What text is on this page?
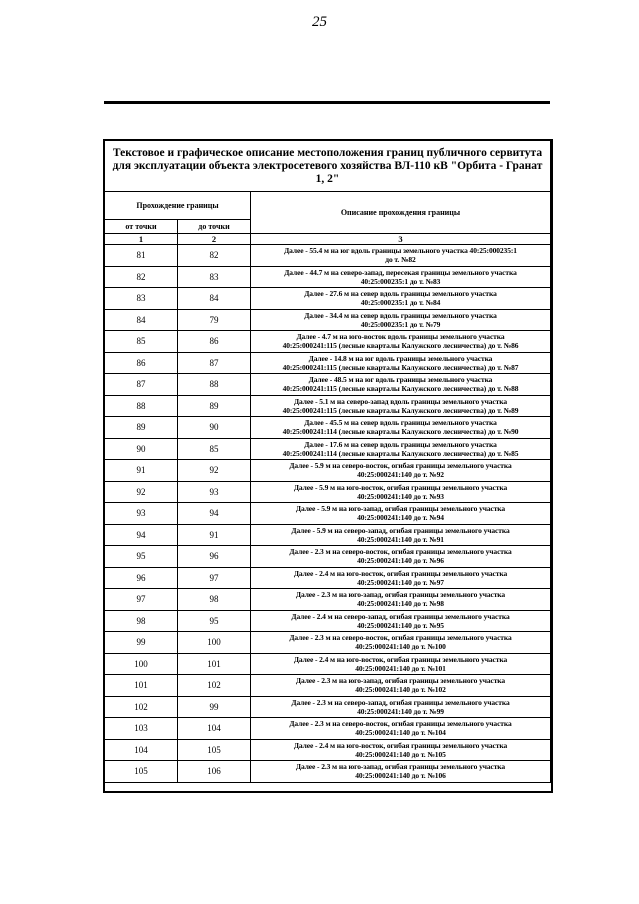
25
Текстовое и графическое описание местоположения границ публичного сервитута для эксплуатации объекта электросетевого хозяйства ВЛ-110 кВ "Орбита - Гранат 1, 2"		
Прохождение границы		Описание прохождения границы
от точки	до точки	
1	2	3
81	82	Далее - 55.4 м на юг вдоль границы земельного участка 40:25:000235:1
до т. №82

82	83	Далее - 44.7 м на северо-запад, пересекая границы земельного участка
40:25:000235:1 до т. №83

83	84	Далее - 27.6 м на север вдоль границы земельного участка
40:25:000235:1 до т. №84

84	79	Далее - 34.4 м на север вдоль границы земельного участка
40:25:000235:1 до т. №79

85	86	Далее - 4.7 м на юго-восток вдоль границы земельного участка
40:25:000241:115 (лесные кварталы Калужского лесничества) до т. №86

86	87	Далее - 14.8 м на юг вдоль границы земельного участка
40:25:000241:115 (лесные кварталы Калужского лесничества) до т. №87

87	88	Далее - 48.5 м на юг вдоль границы земельного участка
40:25:000241:115 (лесные кварталы Калужского лесничества) до т. №88

88	89	Далее - 5.1 м на северо-запад вдоль границы земельного участка
40:25:000241:115 (лесные кварталы Калужского лесничества) до т. №89

89	90	Далее - 45.5 м на север вдоль границы земельного участка
40:25:000241:114 (лесные кварталы Калужского лесничества) до т. №90

90	85	Далее - 17.6 м на север вдоль границы земельного участка
40:25:000241:114 (лесные кварталы Калужского лесничества) до т. №85

91	92	Далее - 5.9 м на северо-восток, огибая границы земельного участка
40:25:000241:140 до т. №92

92	93	Далее - 5.9 м на юго-восток, огибая границы земельного участка
40:25:000241:140 до т. №93

93	94	Далее - 5.9 м на юго-запад, огибая границы земельного участка
40:25:000241:140 до т. №94

94	91	Далее - 5.9 м на северо-запад, огибая границы земельного участка
40:25:000241:140 до т. №91

95	96	Далее - 2.3 м на северо-восток, огибая границы земельного участка
40:25:000241:140 до т. №96

96	97	Далее - 2.4 м на юго-восток, огибая границы земельного участка
40:25:000241:140 до т. №97

97	98	Далее - 2.3 м на юго-запад, огибая границы земельного участка
40:25:000241:140 до т. №98

98	95	Далее - 2.4 м на северо-запад, огибая границы земельного участка
40:25:000241:140 до т. №95

99	100	Далее - 2.3 м на северо-восток, огибая границы земельного участка
40:25:000241:140 до т. №100

100	101	Далее - 2.4 м на юго-восток, огибая границы земельного участка
40:25:000241:140 до т. №101

101	102	Далее - 2.3 м на юго-запад, огибая границы земельного участка
40:25:000241:140 до т. №102

102	99	Далее - 2.3 м на северо-запад, огибая границы земельного участка
40:25:000241:140 до т. №99

103	104	Далее - 2.3 м на северо-восток, огибая границы земельного участка
40:25:000241:140 до т. №104

104	105	Далее - 2.4 м на юго-восток, огибая границы земельного участка
40:25:000241:140 до т. №105

105	106	Далее - 2.3 м на юго-запад, огибая границы земельного участка
40:25:000241:140 до т. №106
